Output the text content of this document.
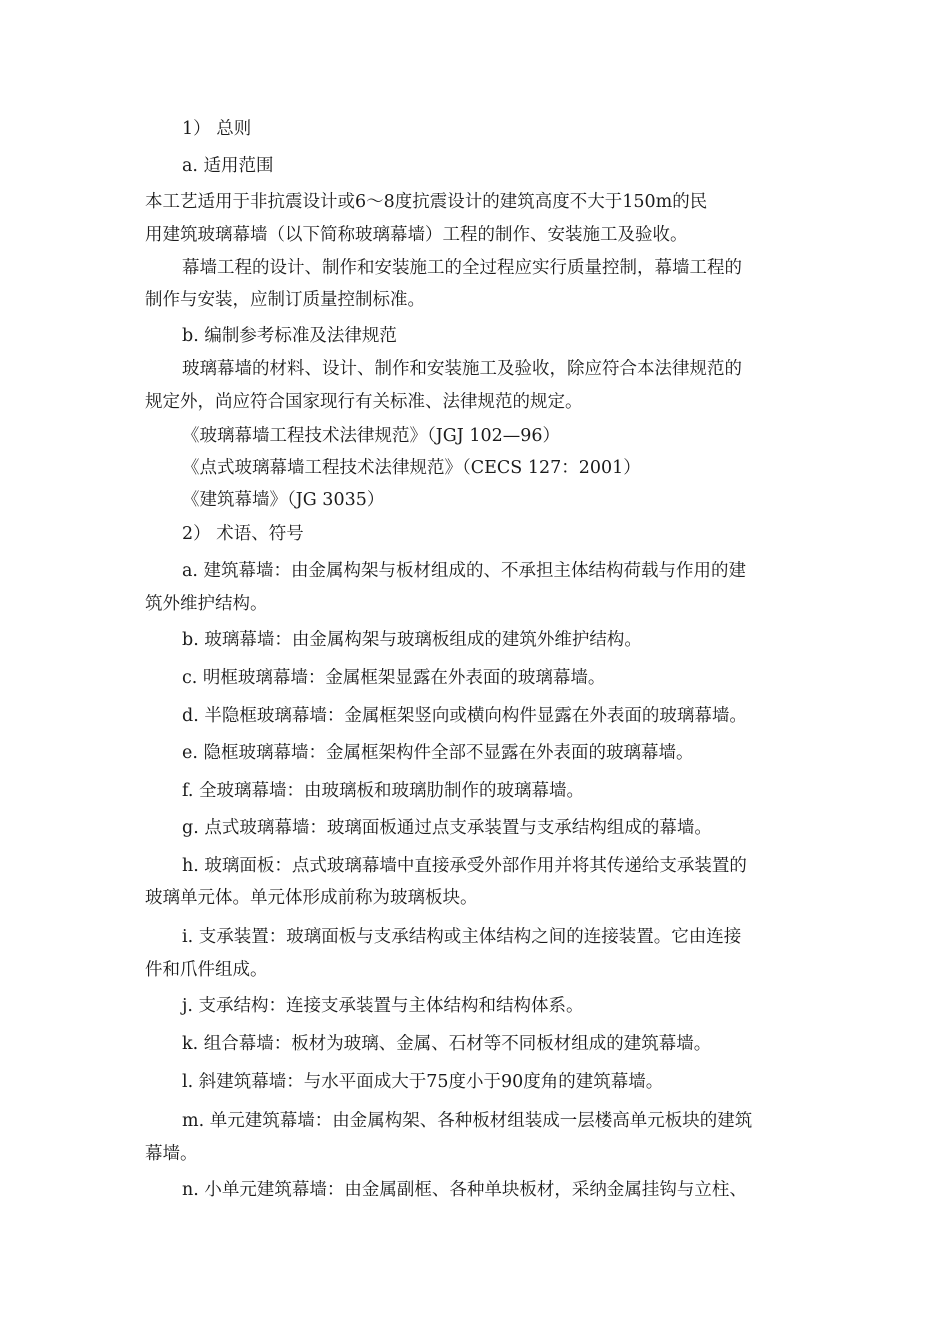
1） 总则
a. 适用范围
本工艺适用于非抗震设计或6～8度抗震设计的建筑高度不大于150m的民
用建筑玻璃幕墙（以下简称玻璃幕墙）工程的制作、安装施工及验收。
幕墙工程的设计、制作和安装施工的全过程应实行质量控制，幕墙工程的
制作与安装，应制订质量控制标准。
b. 编制参考标准及法律规范
玻璃幕墙的材料、设计、制作和安装施工及验收，除应符合本法律规范的
规定外，尚应符合国家现行有关标准、法律规范的规定。
《玻璃幕墙工程技术法律规范》（JGJ 102—96）
《点式玻璃幕墙工程技术法律规范》（CECS 127：2001）
《建筑幕墙》（JG 3035）
2） 术语、符号
a. 建筑幕墙：由金属构架与板材组成的、不承担主体结构荷载与作用的建
筑外维护结构。
b. 玻璃幕墙：由金属构架与玻璃板组成的建筑外维护结构。
c. 明框玻璃幕墙：金属框架显露在外表面的玻璃幕墙。
d. 半隐框玻璃幕墙：金属框架竖向或横向构件显露在外表面的玻璃幕墙。
e. 隐框玻璃幕墙：金属框架构件全部不显露在外表面的玻璃幕墙。
f. 全玻璃幕墙：由玻璃板和玻璃肋制作的玻璃幕墙。
g. 点式玻璃幕墙：玻璃面板通过点支承装置与支承结构组成的幕墙。
h. 玻璃面板：点式玻璃幕墙中直接承受外部作用并将其传递给支承装置的
玻璃单元体。单元体形成前称为玻璃板块。
i. 支承装置：玻璃面板与支承结构或主体结构之间的连接装置。它由连接
件和爪件组成。
j. 支承结构：连接支承装置与主体结构和结构体系。
k. 组合幕墙：板材为玻璃、金属、石材等不同板材组成的建筑幕墙。
l. 斜建筑幕墙：与水平面成大于75度小于90度角的建筑幕墙。
m. 单元建筑幕墙：由金属构架、各种板材组装成一层楼高单元板块的建筑
幕墙。
n. 小单元建筑幕墙：由金属副框、各种单块板材，采纳金属挂钩与立柱、
